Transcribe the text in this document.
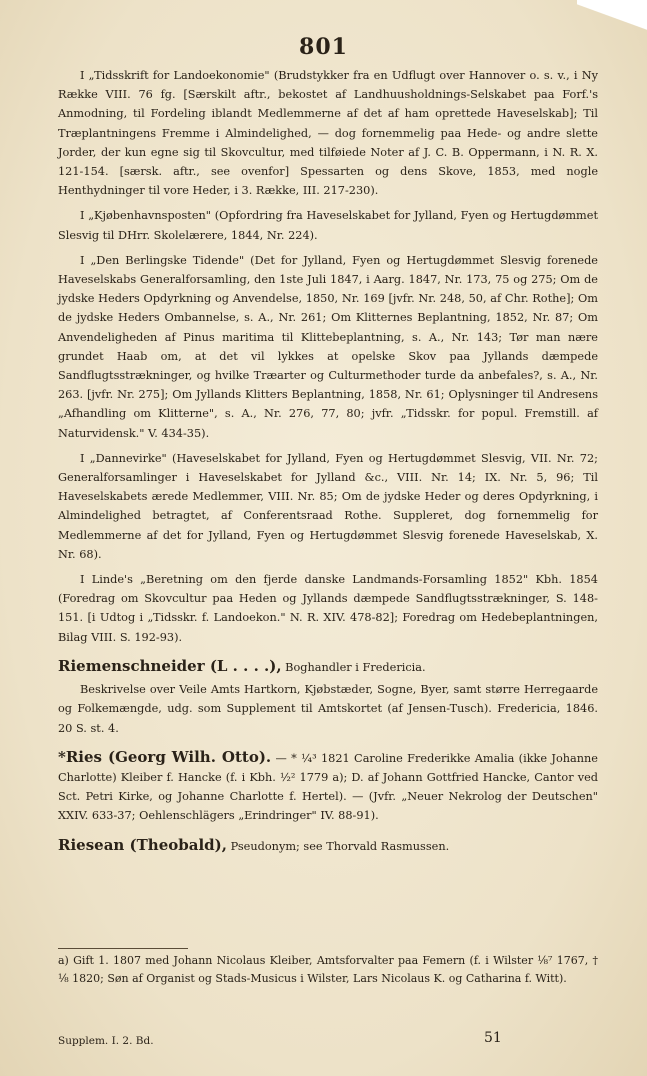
801

I „Tidsskrift for Landoekonomie" (Brudstykker fra en Udflugt over Hannover o. s. v., i Ny Række VIII. 76 fg. [Særskilt aftr., bekostet af Landhuusholdnings-Selskabet paa Forf.'s Anmodning, til Fordeling iblandt Medlemmerne af det af ham oprettede Haveselskab]; Til Træplantningens Fremme i Almindelighed, — dog fornemmelig paa Hede- og andre slette Jorder, der kun egne sig til Skovcultur, med tilføiede Noter af J. C. B. Oppermann, i N. R. X. 121-154. [særsk. aftr., see ovenfor] Spessarten og dens Skove, 1853, med nogle Henthydninger til vore Heder, i 3. Række, III. 217-230).

I „Kjøbenhavnsposten" (Opfordring fra Haveselskabet for Jylland, Fyen og Hertugdømmet Slesvig til DHrr. Skolelærere, 1844, Nr. 224).

I „Den Berlingske Tidende" (Det for Jylland, Fyen og Hertugdømmet Slesvig forenede Haveselskabs Generalforsamling, den 1ste Juli 1847, i Aarg. 1847, Nr. 173, 75 og 275; Om de jydske Heders Opdyrkning og Anvendelse, 1850, Nr. 169 [jvfr. Nr. 248, 50, af Chr. Rothe]; Om de jydske Heders Ombannelse, s. A., Nr. 261; Om Klitternes Beplantning, 1852, Nr. 87; Om Anvendeligheden af Pinus maritima til Klittebeplantning, s. A., Nr. 143; Tør man nære grundet Haab om, at det vil lykkes at opelske Skov paa Jyllands dæmpede Sandflugtsstrækninger, og hvilke Træarter og Culturmethoder turde da anbefales?, s. A., Nr. 263. [jvfr. Nr. 275]; Om Jyllands Klitters Beplantning, 1858, Nr. 61; Oplysninger til Andresens „Afhandling om Klitterne", s. A., Nr. 276, 77, 80; jvfr. „Tidsskr. for popul. Fremstill. af Naturvidensk." V. 434-35).

I „Dannevirke" (Haveselskabet for Jylland, Fyen og Hertugdømmet Slesvig, VII. Nr. 72; Generalforsamlinger i Haveselskabet for Jylland &c., VIII. Nr. 14; IX. Nr. 5, 96; Til Haveselskabets ærede Medlemmer, VIII. Nr. 85; Om de jydske Heder og deres Opdyrkning, i Almindelighed betragtet, af Conferentsraad Rothe. Suppleret, dog fornemmelig for Medlemmerne af det for Jylland, Fyen og Hertugdømmet Slesvig forenede Haveselskab, X. Nr. 68).

I Linde's „Beretning om den fjerde danske Landmands-Forsamling 1852" Kbh. 1854 (Foredrag om Skovcultur paa Heden og Jyllands dæmpede Sandflugtsstrækninger, S. 148-151. [i Udtog i „Tidsskr. f. Landoekon." N. R. XIV. 478-82]; Foredrag om Hedebeplantningen, Bilag VIII. S. 192-93).

Riemenschneider (L . . . .), Boghandler i Fredericia.

Beskrivelse over Veile Amts Hartkorn, Kjøbstæder, Sogne, Byer, samt større Herregaarde og Folkemængde, udg. som Supplement til Amtskortet (af Jensen-Tusch). Fredericia, 1846. 20 S. st. 4.

*Ries (Georg Wilh. Otto). — * ¼³ 1821 Caroline Frederikke Amalia (ikke Johanne Charlotte) Kleiber f. Hancke (f. i Kbh. ½² 1779 a); D. af Johann Gottfried Hancke, Cantor ved Sct. Petri Kirke, og Johanne Charlotte f. Hertel). — (Jvfr. „Neuer Nekrolog der Deutschen" XXIV. 633-37; Oehlenschlägers „Erindringer" IV. 88-91).

Riesean (Theobald), Pseudonym; see Thorvald Rasmussen.

a) Gift 1. 1807 med Johann Nicolaus Kleiber, Amtsforvalter paa Femern (f. i Wilster ⅛⁷ 1767, † ⅛ 1820; Søn af Organist og Stads-Musicus i Wilster, Lars Nicolaus K. og Catharina f. Witt).
Supplem. I. 2. Bd.	51
